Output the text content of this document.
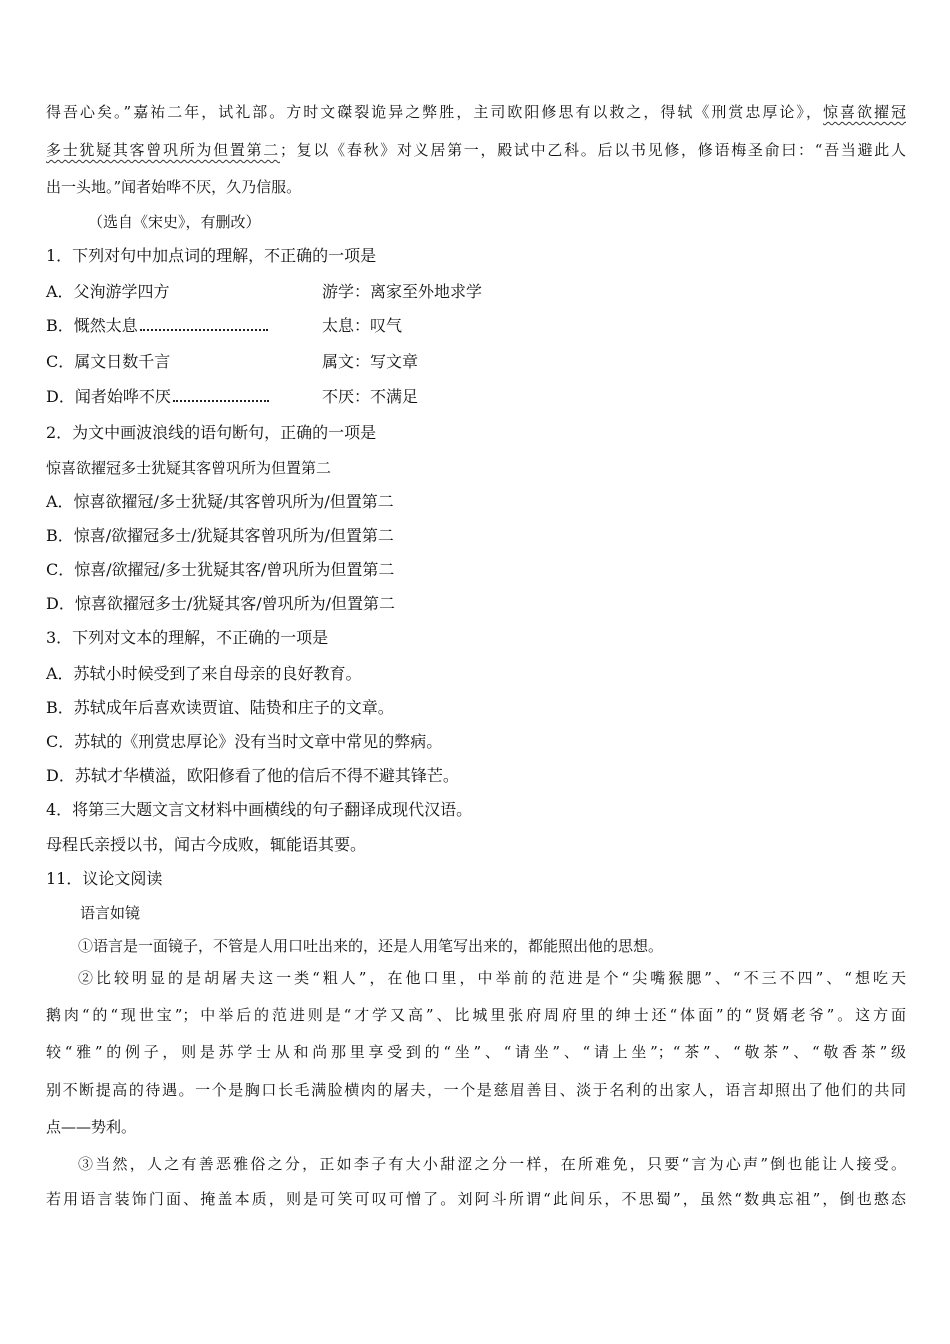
得吾心矣。”嘉祐二年，试礼部。方时文磔裂诡异之弊胜，主司欧阳修思有以救之，得轼《刑赏忠厚论》，惊喜欲擢冠
多士犹疑其客曾巩所为但置第二；复以《春秋》对义居第一，殿试中乙科。后以书见修，修语梅圣俞曰：“吾当避此人
出一头地。”闻者始哗不厌，久乃信服。
（选自《宋史》，有删改）
1．下列对句中加点词的理解，不正确的一项是
A．父洵游学四方	游学：离家至外地求学
B．慨然太息	太息：叹气
C．属文日数千言	属文：写文章
D．闻者始哗不厌	不厌：不满足
2．为文中画波浪线的语句断句，正确的一项是
惊喜欲擢冠多士犹疑其客曾巩所为但置第二
A．惊喜欲擢冠/多士犹疑/其客曾巩所为/但置第二
B．惊喜/欲擢冠多士/犹疑其客曾巩所为/但置第二
C．惊喜/欲擢冠/多士犹疑其客/曾巩所为但置第二
D．惊喜欲擢冠多士/犹疑其客/曾巩所为/但置第二
3．下列对文本的理解，不正确的一项是
A．苏轼小时候受到了来自母亲的良好教育。
B．苏轼成年后喜欢读贾谊、陆贽和庄子的文章。
C．苏轼的《刑赏忠厚论》没有当时文章中常见的弊病。
D．苏轼才华横溢，欧阳修看了他的信后不得不避其锋芒。
4．将第三大题文言文材料中画横线的句子翻译成现代汉语。
母程氏亲授以书，闻古今成败，辄能语其要。
11．议论文阅读
语言如镜
①语言是一面镜子，不管是人用口吐出来的，还是人用笔写出来的，都能照出他的思想。
②比较明显的是胡屠夫这一类“粗人”，在他口里，中举前的范进是个“尖嘴猴腮”、“不三不四”、“想吃天
鹅肉“的“现世宝”；中举后的范进则是“才学又高”、比城里张府周府里的绅士还“体面”的“贤婿老爷”。这方面
较“雅”的例子，则是苏学士从和尚那里享受到的“坐”、“请坐”、“请上坐”；“茶”、“敬茶”、“敬香茶”级
别不断提高的待遇。一个是胸口长毛满脸横肉的屠夫，一个是慈眉善目、淡于名利的出家人，语言却照出了他们的共同
点——势利。
③当然，人之有善恶雅俗之分，正如李子有大小甜涩之分一样，在所难免，只要“言为心声”倒也能让人接受。
若用语言装饰门面、掩盖本质，则是可笑可叹可憎了。刘阿斗所谓“此间乐，不思蜀”，虽然“数典忘祖”，倒也憨态
